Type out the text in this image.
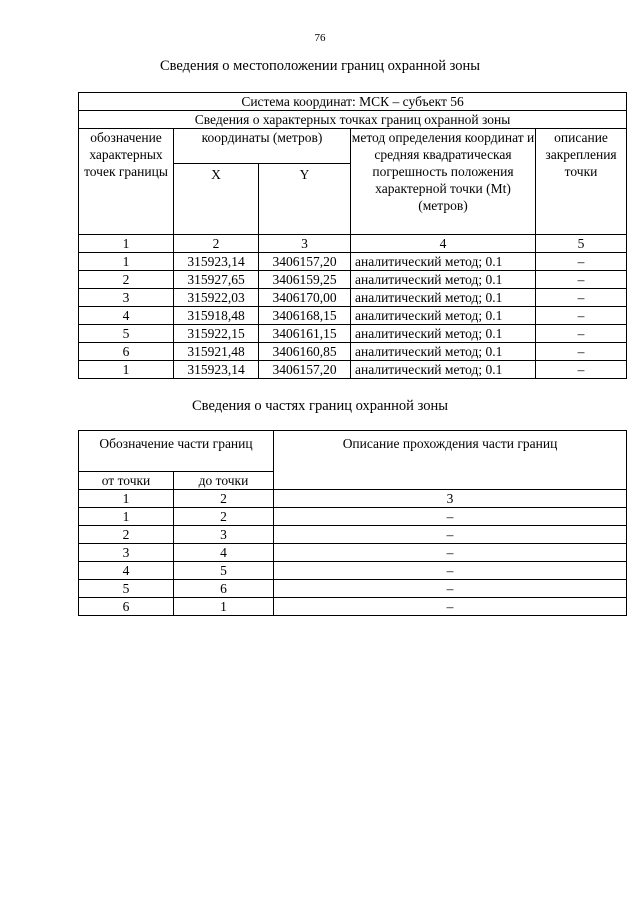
76
Сведения о местоположении границ охранной зоны
Система координат: МСК – субъект 56				
Сведения о характерных точках границ охранной зоны				
обозначение характерных точек границы	координаты (метров)		метод определения координат и средняя квадратическая погрешность положения характерной точки (Mt) (метров)	описание закрепления точки
	X	Y		
1	2	3	4	5
1	315923,14	3406157,20	аналитический метод; 0.1	–
2	315927,65	3406159,25	аналитический метод; 0.1	–
3	315922,03	3406170,00	аналитический метод; 0.1	–
4	315918,48	3406168,15	аналитический метод; 0.1	–
5	315922,15	3406161,15	аналитический метод; 0.1	–
6	315921,48	3406160,85	аналитический метод; 0.1	–
1	315923,14	3406157,20	аналитический метод; 0.1	–
Сведения о частях границ охранной зоны
Обозначение части границ		Описание прохождения части границ
от точки	до точки	
1	2	3
1	2	–
2	3	–
3	4	–
4	5	–
5	6	–
6	1	–
